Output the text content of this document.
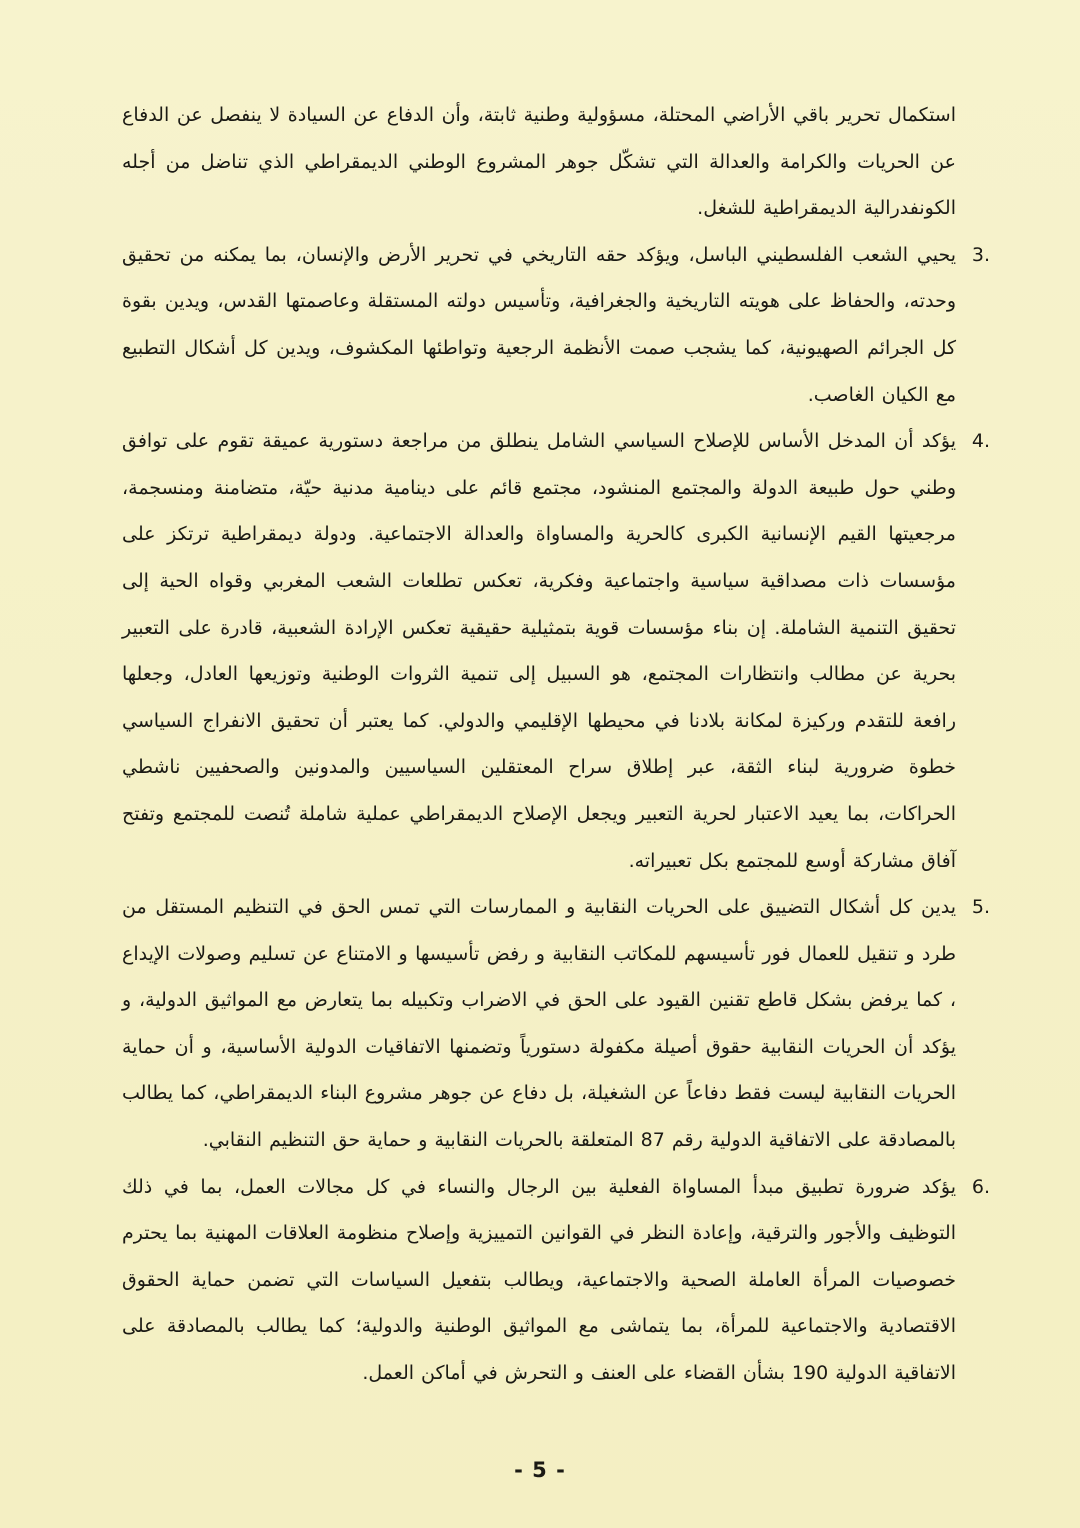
استكمال تحرير باقي الأراضي المحتلة، مسؤولية وطنية ثابتة، وأن الدفاع عن السيادة لا ينفصل عن الدفاع عن الحريات والكرامة والعدالة التي تشكّل جوهر المشروع الوطني الديمقراطي الذي تناضل من أجله الكونفدرالية الديمقراطية للشغل.

3.

يحيي الشعب الفلسطيني الباسل، ويؤكد حقه التاريخي في تحرير الأرض والإنسان، بما يمكنه من تحقيق وحدته، والحفاظ على هويته التاريخية والجغرافية، وتأسيس دولته المستقلة وعاصمتها القدس، ويدين بقوة كل الجرائم الصهيونية، كما يشجب صمت الأنظمة الرجعية وتواطئها المكشوف، ويدين كل أشكال التطبيع مع الكيان الغاصب.

4.

يؤكد أن المدخل الأساس للإصلاح السياسي الشامل ينطلق من مراجعة دستورية عميقة تقوم على توافق وطني حول طبيعة الدولة والمجتمع المنشود، مجتمع قائم على دينامية مدنية حيّة، متضامنة ومنسجمة، مرجعيتها القيم الإنسانية الكبرى كالحرية والمساواة والعدالة الاجتماعية. ودولة ديمقراطية ترتكز على مؤسسات ذات مصداقية سياسية واجتماعية وفكرية، تعكس تطلعات الشعب المغربي وقواه الحية إلى تحقيق التنمية الشاملة. إن بناء مؤسسات قوية بتمثيلية حقيقية تعكس الإرادة الشعبية، قادرة على التعبير بحرية عن مطالب وانتظارات المجتمع، هو السبيل إلى تنمية الثروات الوطنية وتوزيعها العادل، وجعلها رافعة للتقدم وركيزة لمكانة بلادنا في محيطها الإقليمي والدولي. كما يعتبر أن تحقيق الانفراج السياسي خطوة ضرورية لبناء الثقة، عبر إطلاق سراح المعتقلين السياسيين والمدونين والصحفيين ناشطي الحراكات، بما يعيد الاعتبار لحرية التعبير ويجعل الإصلاح الديمقراطي عملية شاملة تُنصت للمجتمع وتفتح آفاق مشاركة أوسع للمجتمع بكل تعبيراته.

5.

يدين كل أشكال التضييق على الحريات النقابية و الممارسات التي تمس الحق في التنظيم المستقل من طرد و تنقيل للعمال فور تأسيسهم للمكاتب النقابية و رفض تأسيسها و الامتناع عن تسليم وصولات الإيداع ، كما يرفض بشكل قاطع تقنين القيود على الحق في الاضراب وتكبيله بما يتعارض مع المواثيق الدولية، و يؤكد أن الحريات النقابية حقوق أصيلة مكفولة دستورياً وتضمنها الاتفاقيات الدولية الأساسية، و أن حماية الحريات النقابية ليست فقط دفاعاً عن الشغيلة، بل دفاع عن جوهر مشروع البناء الديمقراطي، كما يطالب بالمصادقة على الاتفاقية الدولية رقم 87 المتعلقة بالحريات النقابية و حماية حق التنظيم النقابي.

6.

يؤكد ضرورة تطبيق مبدأ المساواة الفعلية بين الرجال والنساء في كل مجالات العمل، بما في ذلك التوظيف والأجور والترقية، وإعادة النظر في القوانين التمييزية وإصلاح منظومة العلاقات المهنية بما يحترم خصوصيات المرأة العاملة الصحية والاجتماعية، ويطالب بتفعيل السياسات التي تضمن حماية الحقوق الاقتصادية والاجتماعية للمرأة، بما يتماشى مع المواثيق الوطنية والدولية؛ كما يطالب بالمصادقة على الاتفاقية الدولية 190 بشأن القضاء على العنف و التحرش في أماكن العمل.

- 5 -
